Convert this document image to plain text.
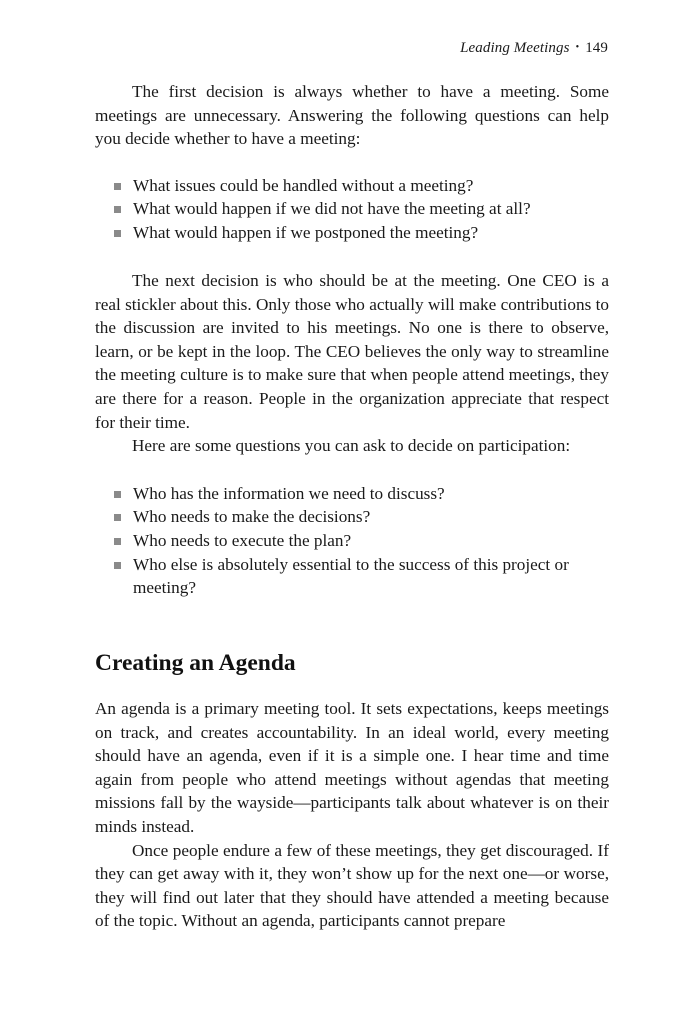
Leading Meetings • 149

The first decision is always whether to have a meeting. Some meetings are unnecessary. Answering the following questions can help you decide whether to have a meeting:

What issues could be handled without a meeting?
What would happen if we did not have the meeting at all?
What would happen if we postponed the meeting?

The next decision is who should be at the meeting. One CEO is a real stickler about this. Only those who actually will make contributions to the discussion are invited to his meetings. No one is there to observe, learn, or be kept in the loop. The CEO believes the only way to streamline the meeting culture is to make sure that when people attend meetings, they are there for a reason. People in the organization appreciate that respect for their time.

Here are some questions you can ask to decide on participation:

Who has the information we need to discuss?
Who needs to make the decisions?
Who needs to execute the plan?
Who else is absolutely essential to the success of this project or meeting?
Creating an Agenda

An agenda is a primary meeting tool. It sets expectations, keeps meetings on track, and creates accountability. In an ideal world, every meeting should have an agenda, even if it is a simple one. I hear time and time again from people who attend meetings without agendas that meeting missions fall by the wayside—participants talk about whatever is on their minds instead.

Once people endure a few of these meetings, they get discouraged. If they can get away with it, they won’t show up for the next one—or worse, they will find out later that they should have attended a meeting because of the topic. Without an agenda, participants cannot prepare
